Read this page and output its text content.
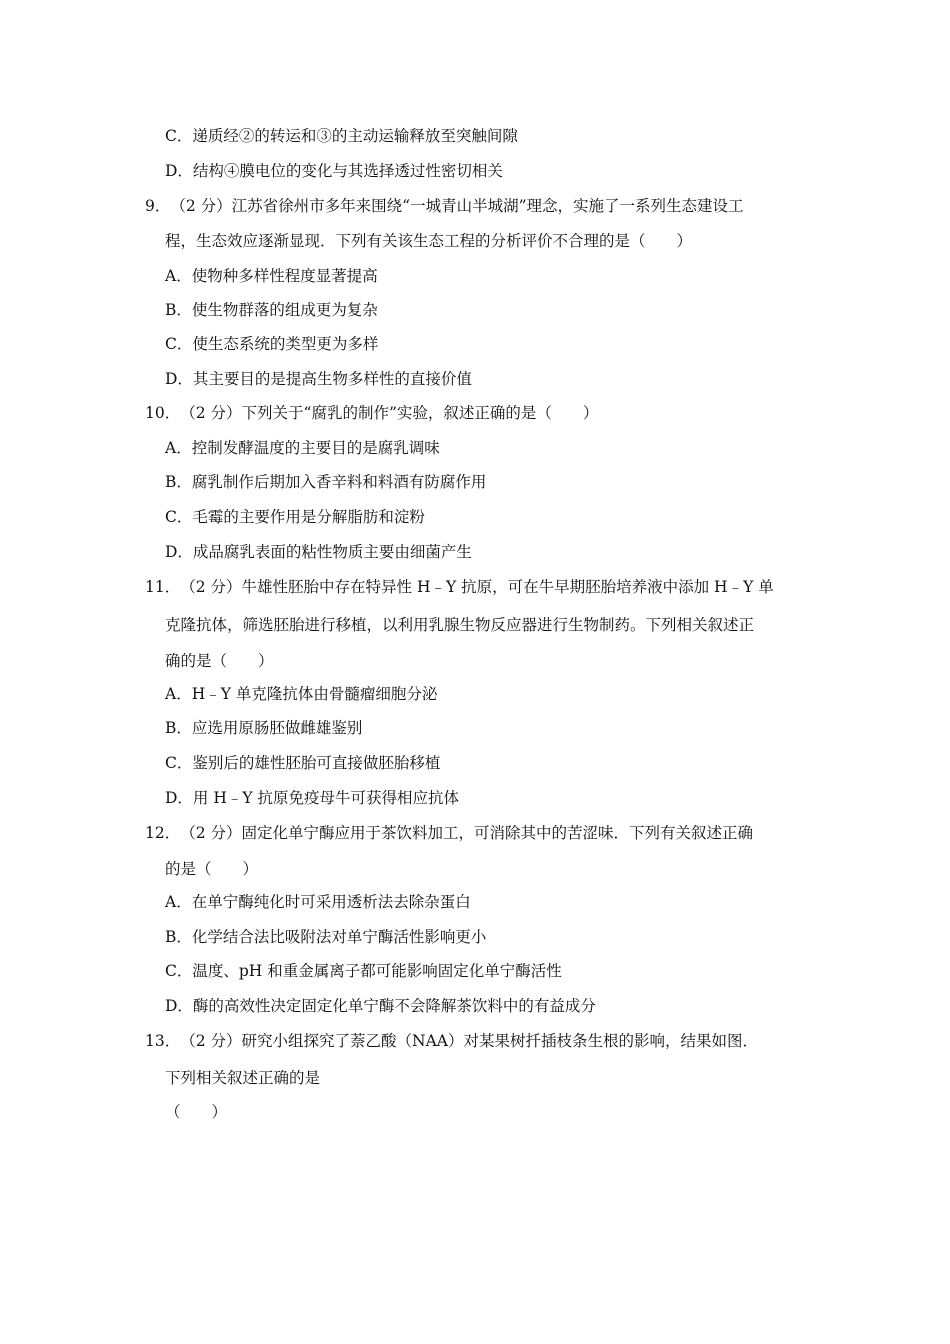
C．递质经②的转运和③的主动运输释放至突触间隙
D．结构④膜电位的变化与其选择透过性密切相关
9．（2 分）江苏省徐州市多年来围绕“一城青山半城湖”理念，实施了一系列生态建设工
程，生态效应逐渐显现．下列有关该生态工程的分析评价不合理的是（　　）
A．使物种多样性程度显著提高
B．使生物群落的组成更为复杂
C．使生态系统的类型更为多样
D．其主要目的是提高生物多样性的直接价值
10．（2 分）下列关于“腐乳的制作”实验，叙述正确的是（　　）
A．控制发酵温度的主要目的是腐乳调味
B．腐乳制作后期加入香辛料和料酒有防腐作用
C．毛霉的主要作用是分解脂肪和淀粉
D．成品腐乳表面的粘性物质主要由细菌产生
11．（2 分）牛雄性胚胎中存在特异性 H﹣Y 抗原，可在牛早期胚胎培养液中添加 H﹣Y 单
克隆抗体，筛选胚胎进行移植，以利用乳腺生物反应器进行生物制药。下列相关叙述正
确的是（　　）
A．H﹣Y 单克隆抗体由骨髓瘤细胞分泌
B．应选用原肠胚做雌雄鉴别
C．鉴别后的雄性胚胎可直接做胚胎移植
D．用 H﹣Y 抗原免疫母牛可获得相应抗体
12．（2 分）固定化单宁酶应用于茶饮料加工，可消除其中的苦涩味．下列有关叙述正确
的是（　　）
A．在单宁酶纯化时可采用透析法去除杂蛋白
B．化学结合法比吸附法对单宁酶活性影响更小
C．温度、pH 和重金属离子都可能影响固定化单宁酶活性
D．酶的高效性决定固定化单宁酶不会降解茶饮料中的有益成分
13．（2 分）研究小组探究了萘乙酸（NAA）对某果树扦插枝条生根的影响，结果如图．
下列相关叙述正确的是
（　　）
